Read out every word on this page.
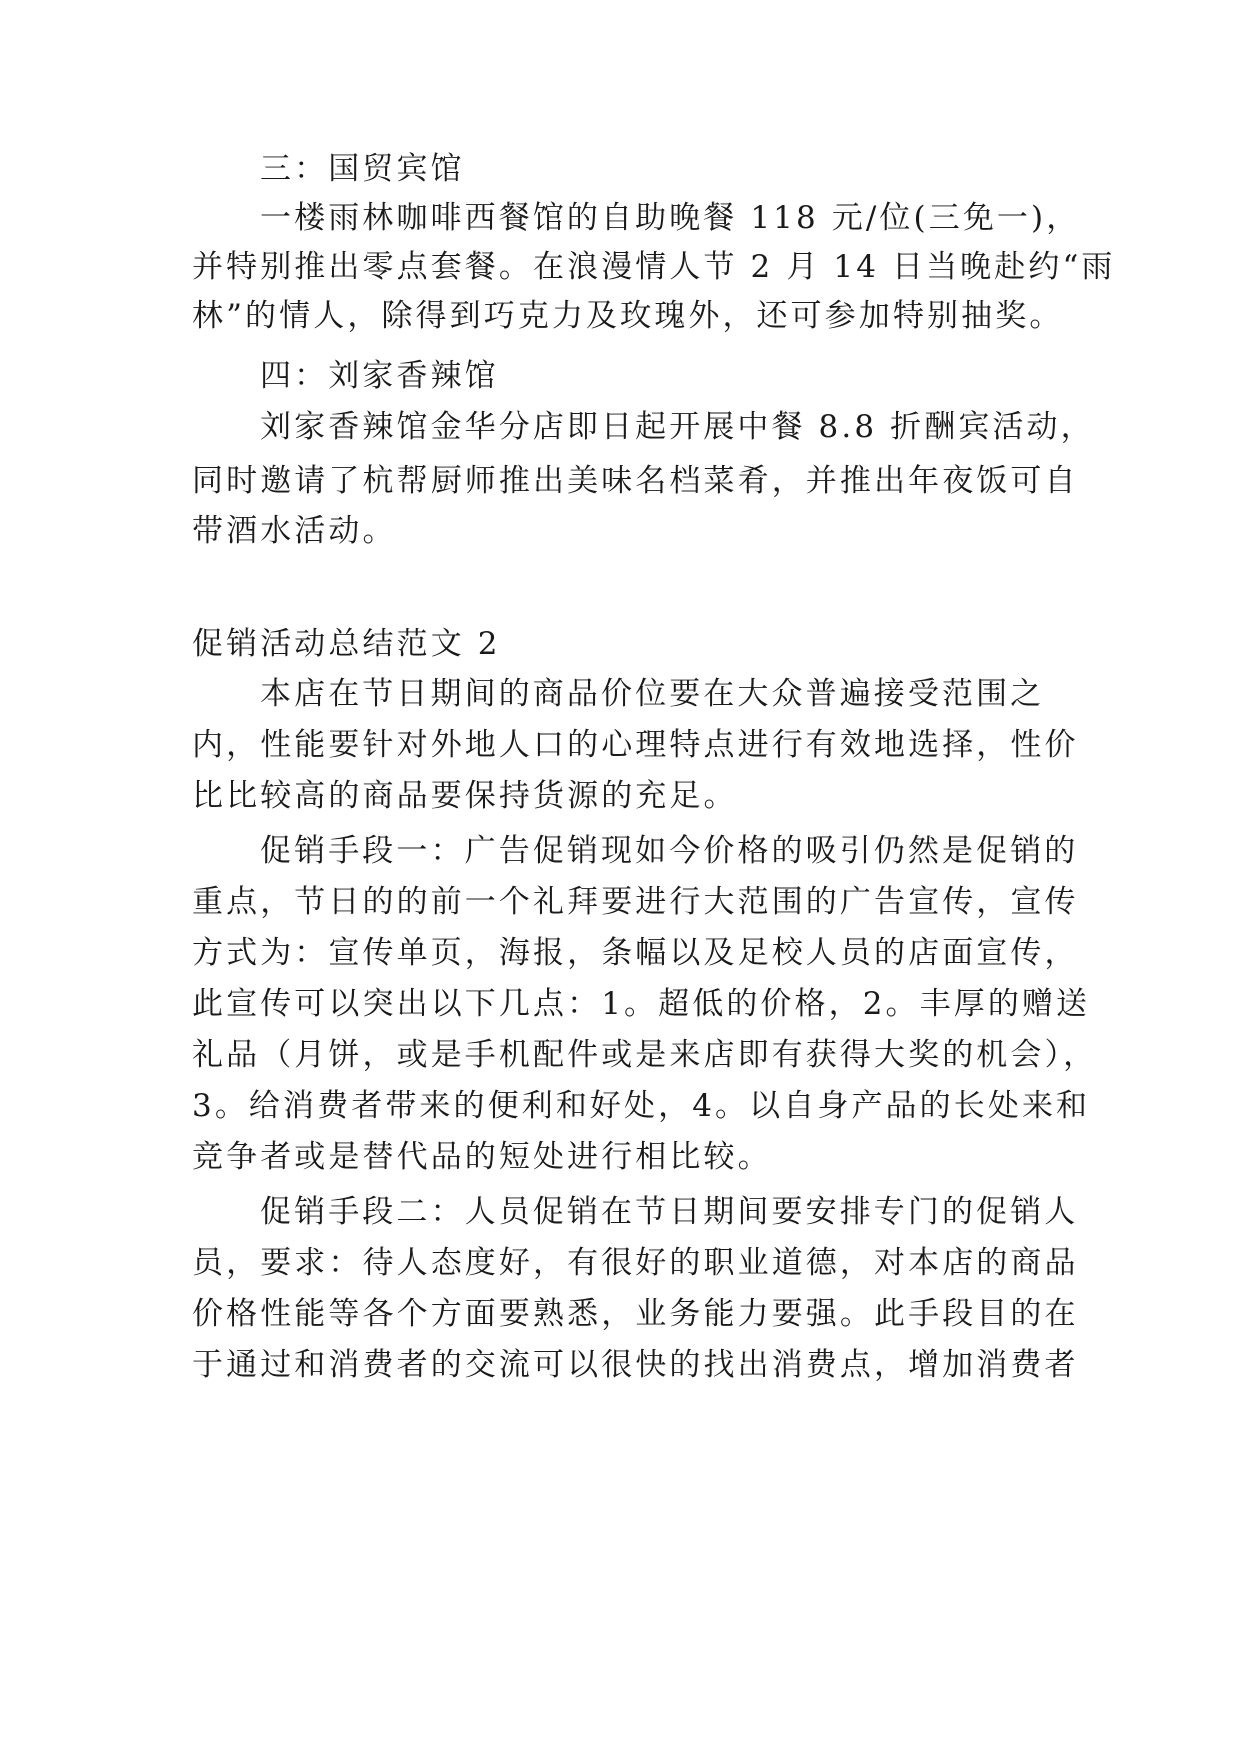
三：国贸宾馆
一楼雨林咖啡西餐馆的自助晚餐 118 元/位(三免一)，
并特别推出零点套餐。在浪漫情人节 2 月 14 日当晚赴约“雨
林”的情人，除得到巧克力及玫瑰外，还可参加特别抽奖。
四：刘家香辣馆
刘家香辣馆金华分店即日起开展中餐 8.8 折酬宾活动，
同时邀请了杭帮厨师推出美味名档菜肴，并推出年夜饭可自
带酒水活动。
促销活动总结范文 2
本店在节日期间的商品价位要在大众普遍接受范围之
内，性能要针对外地人口的心理特点进行有效地选择，性价
比比较高的商品要保持货源的充足。
促销手段一：广告促销现如今价格的吸引仍然是促销的
重点，节日的的前一个礼拜要进行大范围的广告宣传，宣传
方式为：宣传单页，海报，条幅以及足校人员的店面宣传，
此宣传可以突出以下几点：1。超低的价格，2。丰厚的赠送
礼品（月饼，或是手机配件或是来店即有获得大奖的机会），
3。给消费者带来的便利和好处，4。以自身产品的长处来和
竞争者或是替代品的短处进行相比较。
促销手段二：人员促销在节日期间要安排专门的促销人
员，要求：待人态度好，有很好的职业道德，对本店的商品
价格性能等各个方面要熟悉，业务能力要强。此手段目的在
于通过和消费者的交流可以很快的找出消费点，增加消费者
